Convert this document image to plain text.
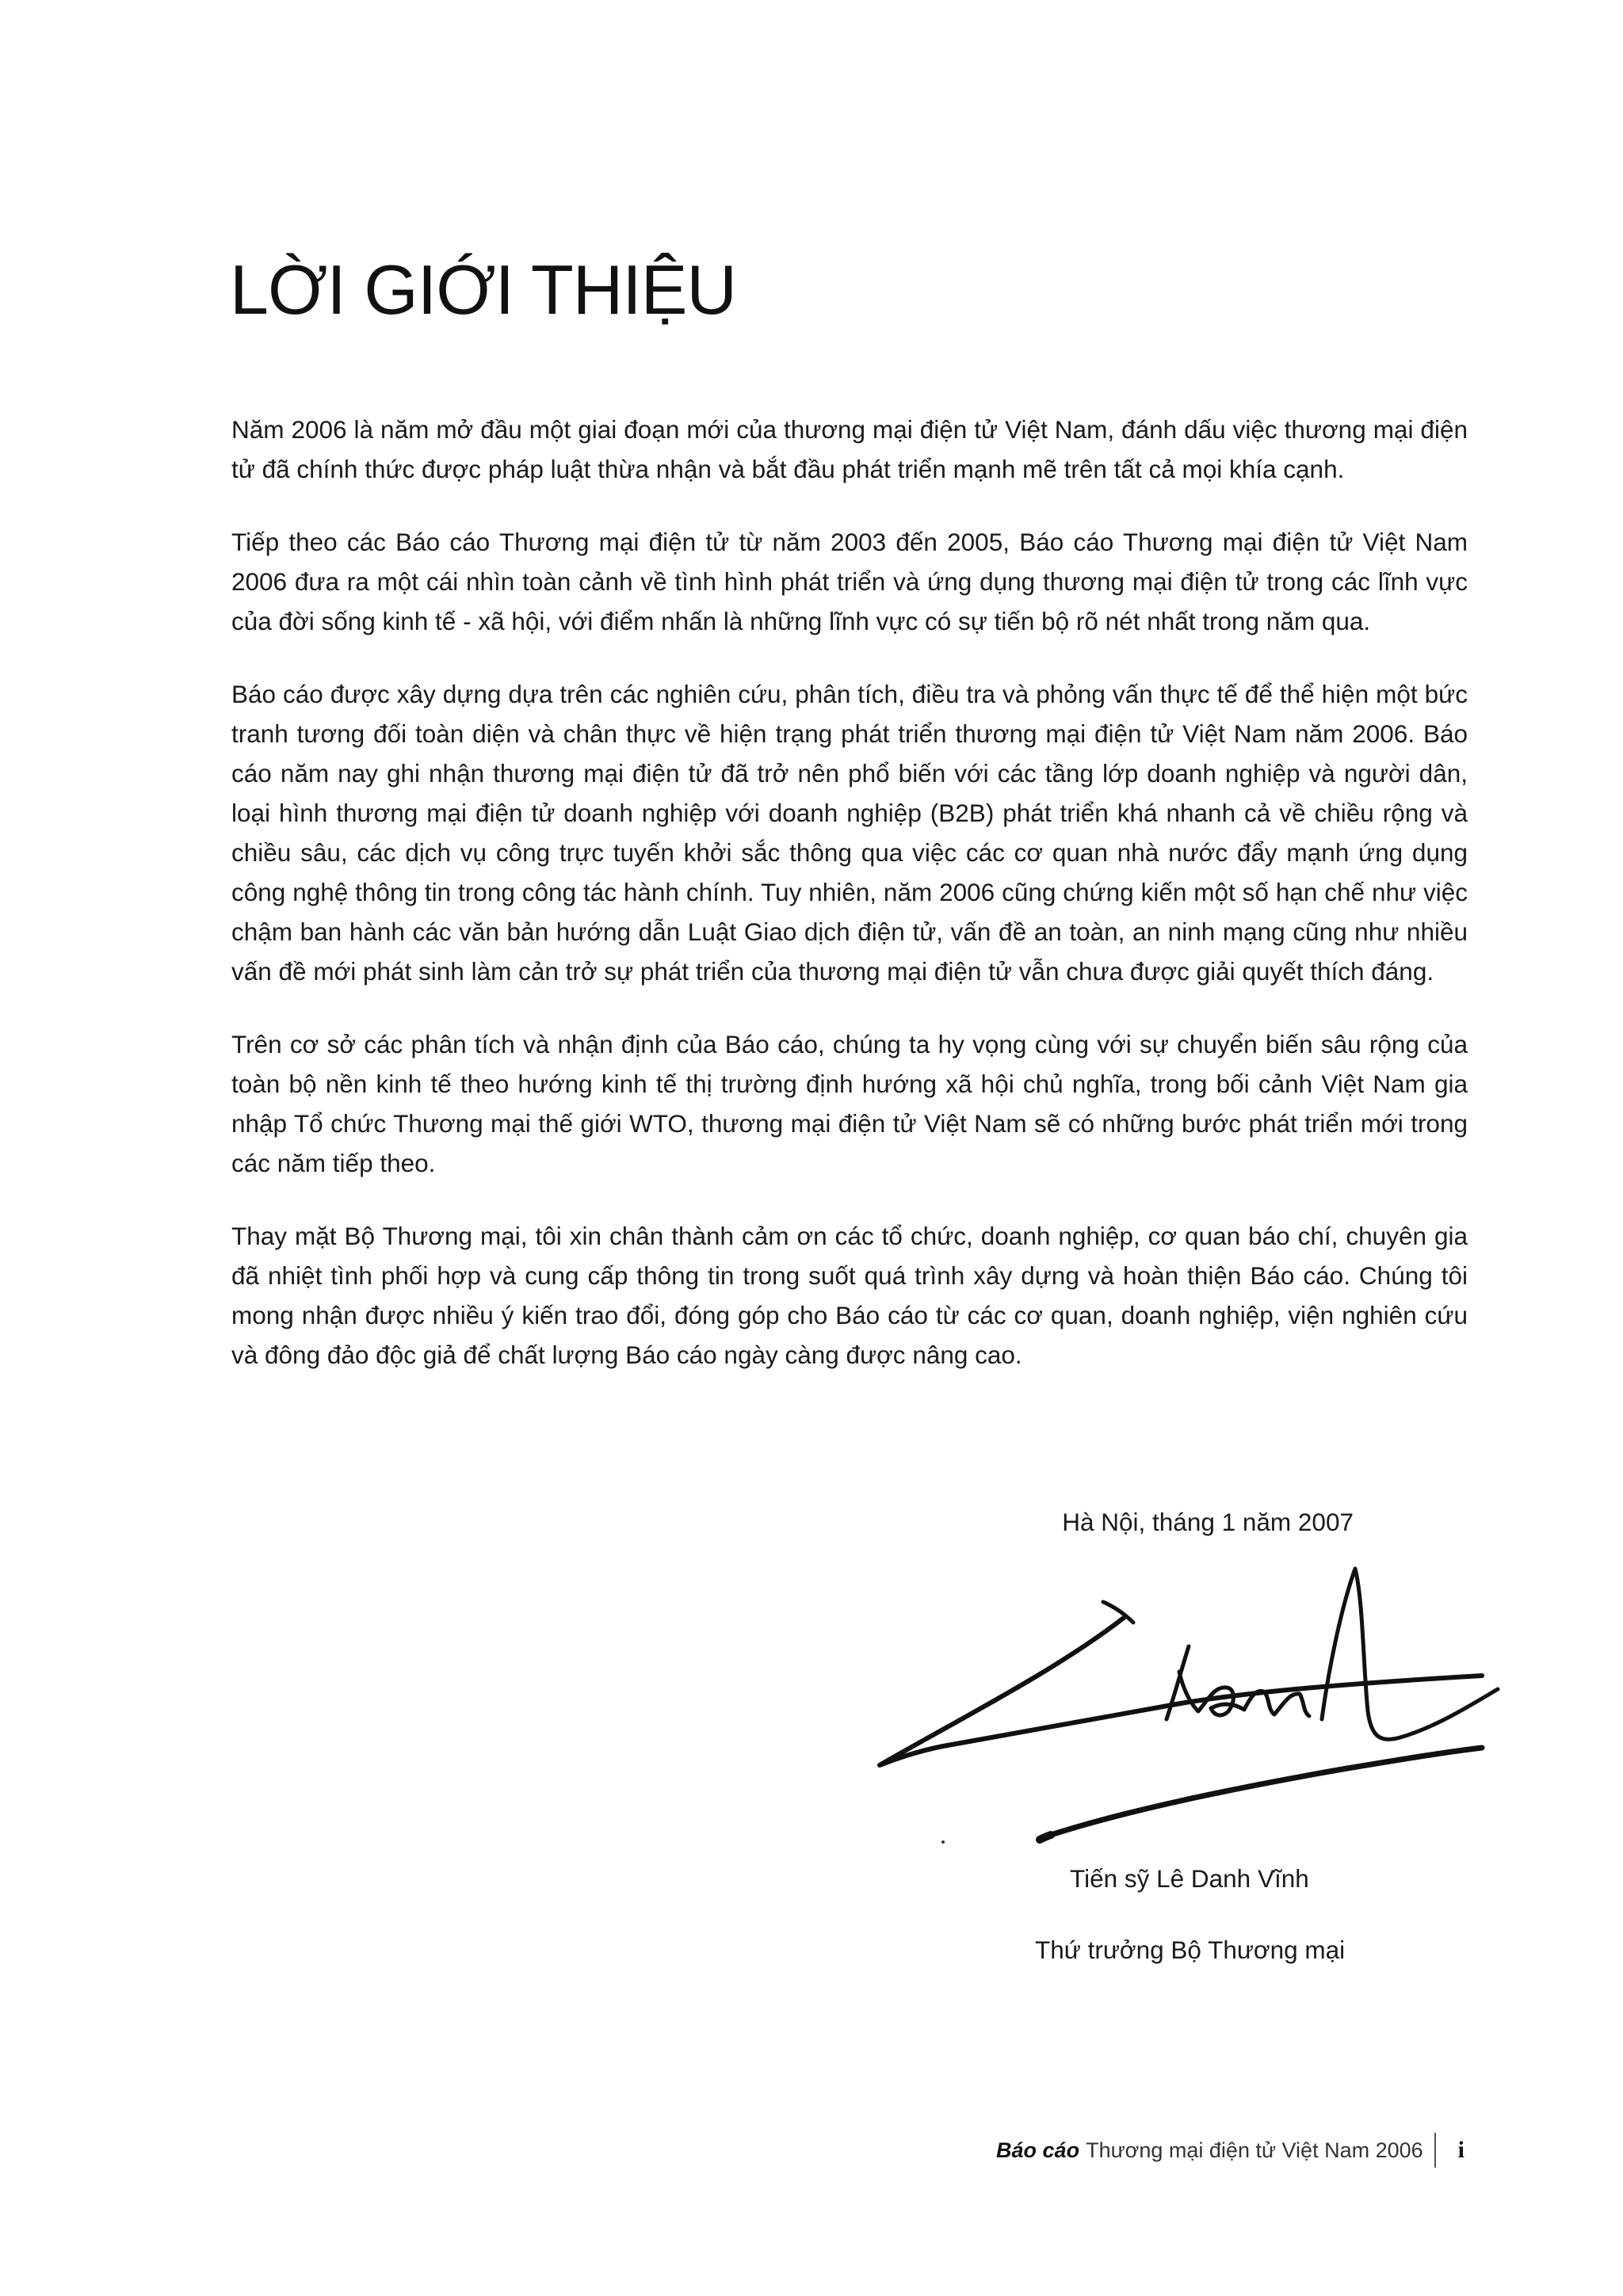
LỜI GIỚI THIỆU

Năm 2006 là năm mở đầu một giai đoạn mới của thương mại điện tử Việt Nam, đánh dấu việc thương mại điện tử đã chính thức được pháp luật thừa nhận và bắt đầu phát triển mạnh mẽ trên tất cả mọi khía cạnh.

Tiếp theo các Báo cáo Thương mại điện tử từ năm 2003 đến 2005, Báo cáo Thương mại điện tử Việt Nam 2006 đưa ra một cái nhìn toàn cảnh về tình hình phát triển và ứng dụng thương mại điện tử trong các lĩnh vực của đời sống kinh tế - xã hội, với điểm nhấn là những lĩnh vực có sự tiến bộ rõ nét nhất trong năm qua.

Báo cáo được xây dựng dựa trên các nghiên cứu, phân tích, điều tra và phỏng vấn thực tế để thể hiện một bức tranh tương đối toàn diện và chân thực về hiện trạng phát triển thương mại điện tử Việt Nam năm 2006. Báo cáo năm nay ghi nhận thương mại điện tử đã trở nên phổ biến với các tầng lớp doanh nghiệp và người dân, loại hình thương mại điện tử doanh nghiệp với doanh nghiệp (B2B) phát triển khá nhanh cả về chiều rộng và chiều sâu, các dịch vụ công trực tuyến khởi sắc thông qua việc các cơ quan nhà nước đẩy mạnh ứng dụng công nghệ thông tin trong công tác hành chính. Tuy nhiên, năm 2006 cũng chứng kiến một số hạn chế như việc chậm ban hành các văn bản hướng dẫn Luật Giao dịch điện tử, vấn đề an toàn, an ninh mạng cũng như nhiều vấn đề mới phát sinh làm cản trở sự phát triển của thương mại điện tử vẫn chưa được giải quyết thích đáng.

Trên cơ sở các phân tích và nhận định của Báo cáo, chúng ta hy vọng cùng với sự chuyển biến sâu rộng của toàn bộ nền kinh tế theo hướng kinh tế thị trường định hướng xã hội chủ nghĩa, trong bối cảnh Việt Nam gia nhập Tổ chức Thương mại thế giới WTO, thương mại điện tử Việt Nam sẽ có những bước phát triển mới trong các năm tiếp theo.

Thay mặt Bộ Thương mại, tôi xin chân thành cảm ơn các tổ chức, doanh nghiệp, cơ quan báo chí, chuyên gia đã nhiệt tình phối hợp và cung cấp thông tin trong suốt quá trình xây dựng và hoàn thiện Báo cáo. Chúng tôi mong nhận được nhiều ý kiến trao đổi, đóng góp cho Báo cáo từ các cơ quan, doanh nghiệp, viện nghiên cứu và đông đảo độc giả để chất lượng Báo cáo ngày càng được nâng cao.

Hà Nội, tháng 1 năm 2007
Tiến sỹ Lê Danh Vĩnh
Thứ trưởng Bộ Thương mại
Báo cáo Thương mại điện tử Việt Nam 2006 i
